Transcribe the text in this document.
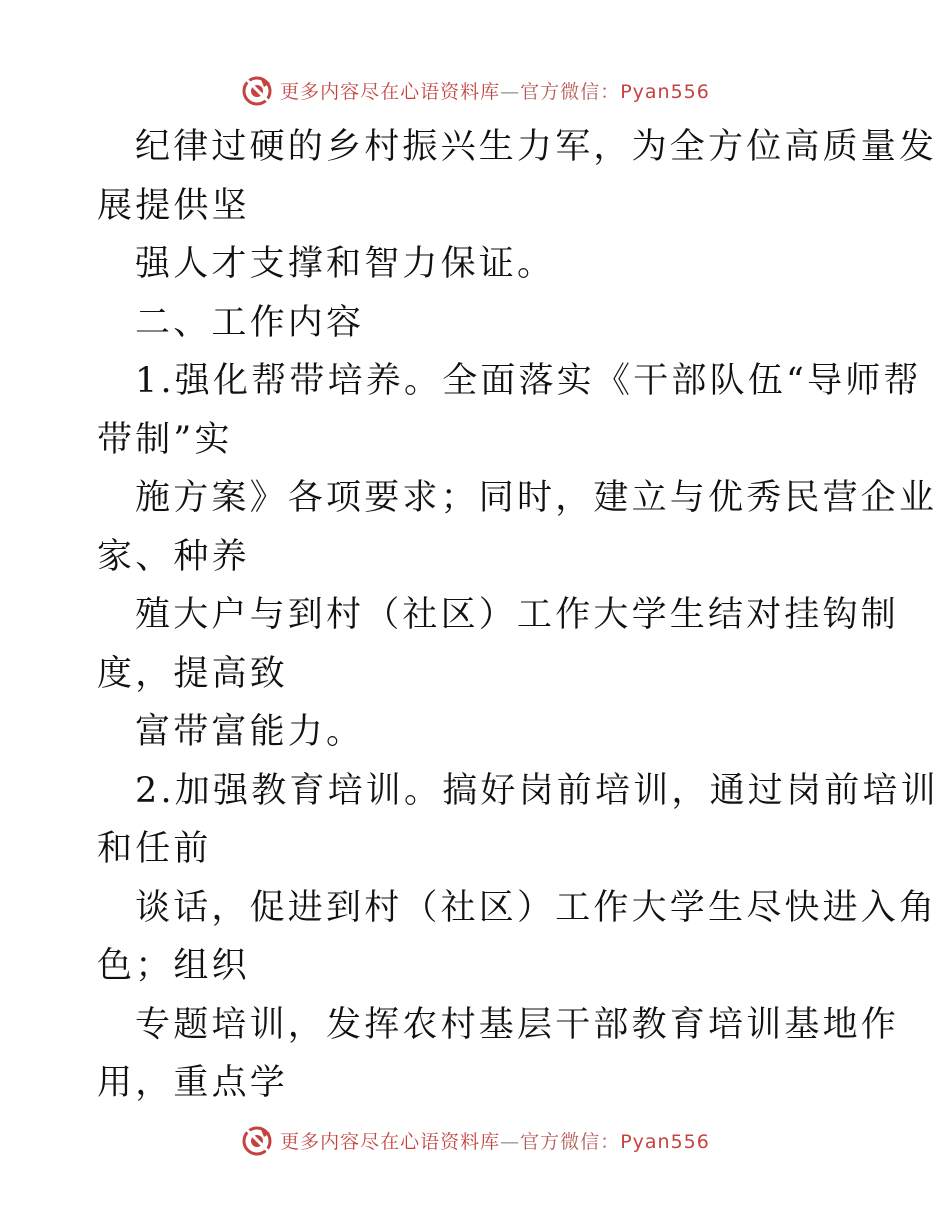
更多内容尽在心语资料库—官方微信：Pyan556
纪律过硬的乡村振兴生力军，为全方位高质量发
展提供坚
强人才支撑和智力保证。
二、工作内容
1.强化帮带培养。全面落实《干部队伍“导师帮
带制”实
施方案》各项要求；同时，建立与优秀民营企业
家、种养
殖大户与到村（社区）工作大学生结对挂钩制
度，提高致
富带富能力。
2.加强教育培训。搞好岗前培训，通过岗前培训
和任前
谈话，促进到村（社区）工作大学生尽快进入角
色；组织
专题培训，发挥农村基层干部教育培训基地作
用，重点学
更多内容尽在心语资料库—官方微信：Pyan556
